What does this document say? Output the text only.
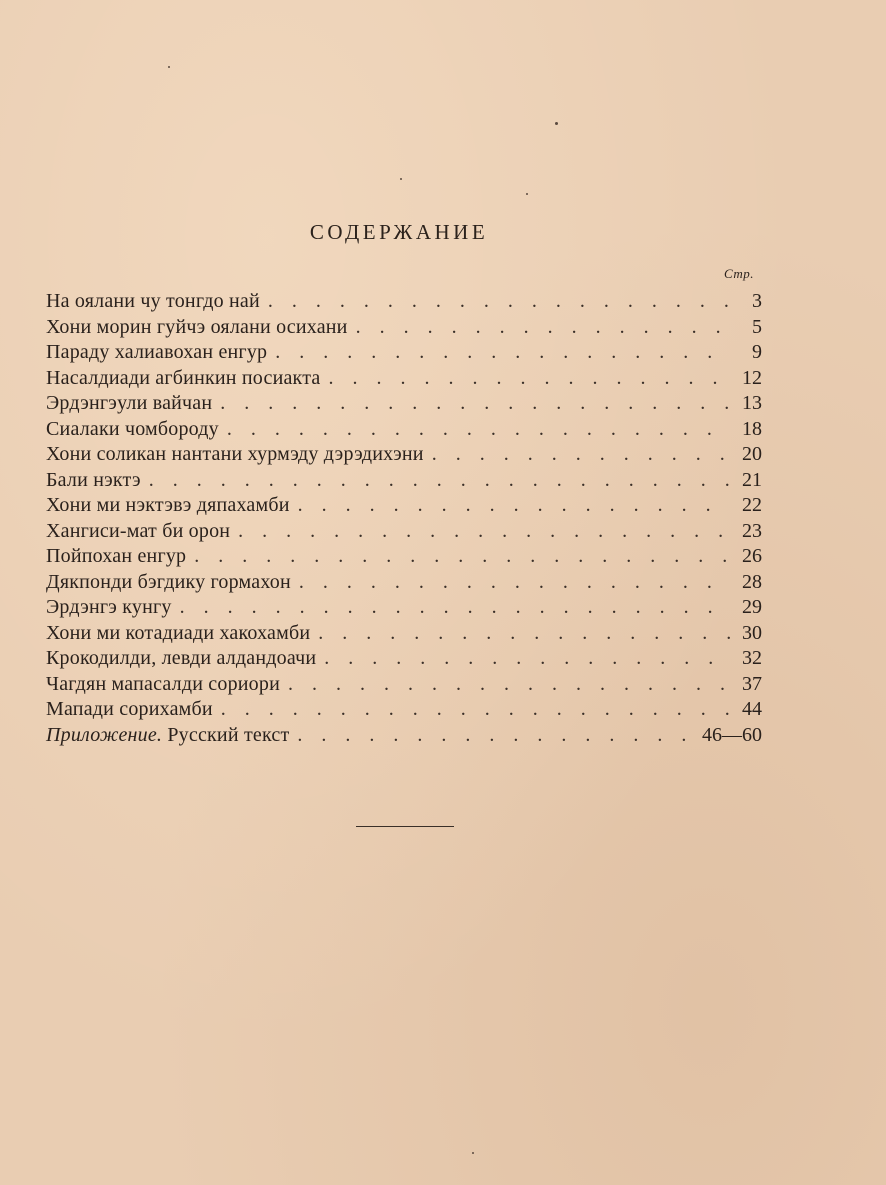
СОДЕРЖАНИЕ
Стр.
На оялани чу тонгдо най . . .	3
Хони морин гуйчэ оялани осихани . . .	5
Параду халиавохан енгур . . .	9
Насалдиади агбинкин посиакта . . .	12
Эрдэнгэули вайчан . . .	13
Сиалаки чомбороду . . .	18
Хони соликан нантани хурмэду дэрэдихэни . . .	20
Бали нэктэ . . .	21
Хони ми нэктэвэ дяпахамби . . .	22
Хангиси-мат би орон . . .	23
Пойпохан енгур . . .	26
Дякпонди бэгдику гормахон . . .	28
Эрдэнгэ кунгу . . .	29
Хони ми котадиади хакохамби . . .	30
Крокодилди, левди алдандоачи . . .	32
Чагдян мапасалди сориори . . .	37
Мапади сорихамби . . .	44
Приложение. Русский текст . . .	46—60
